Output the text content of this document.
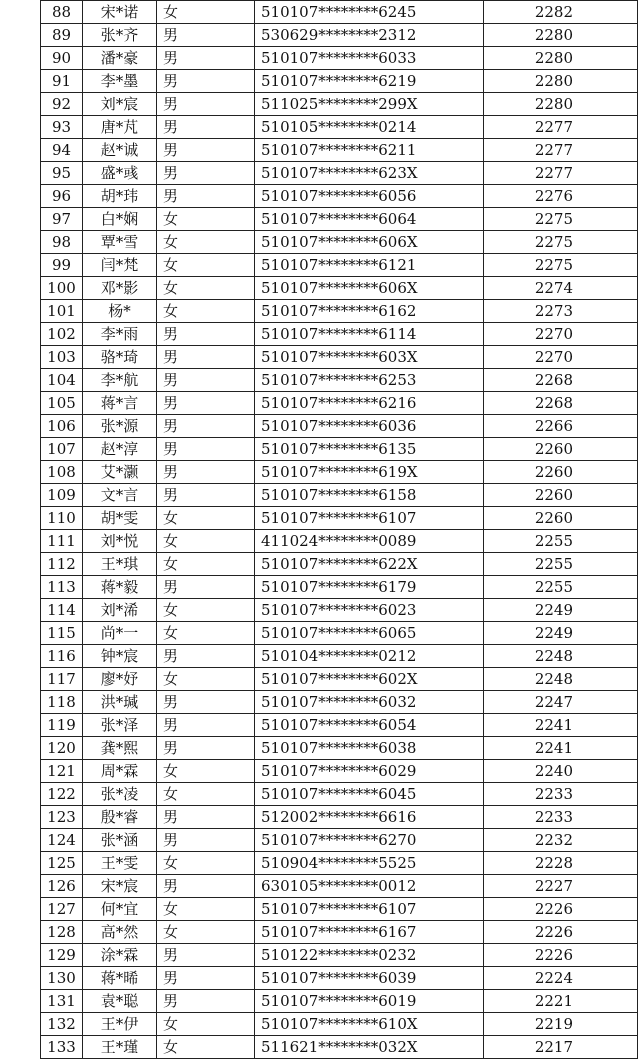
88	宋*诺	女	510107********6245	2282
89	张*齐	男	530629********2312	2280
90	潘*豪	男	510107********6033	2280
91	李*墨	男	510107********6219	2280
92	刘*宸	男	511025********299X	2280
93	唐*芃	男	510105********0214	2277
94	赵*诚	男	510107********6211	2277
95	盛*彧	男	510107********623X	2277
96	胡*玮	男	510107********6056	2276
97	白*娴	女	510107********6064	2275
98	覃*雪	女	510107********606X	2275
99	闫*梵	女	510107********6121	2275
100	邓*影	女	510107********606X	2274
101	杨*	女	510107********6162	2273
102	李*雨	男	510107********6114	2270
103	骆*琦	男	510107********603X	2270
104	李*航	男	510107********6253	2268
105	蒋*言	男	510107********6216	2268
106	张*源	男	510107********6036	2266
107	赵*淳	男	510107********6135	2260
108	艾*灏	男	510107********619X	2260
109	文*言	男	510107********6158	2260
110	胡*雯	女	510107********6107	2260
111	刘*悦	女	411024********0089	2255
112	王*琪	女	510107********622X	2255
113	蒋*毅	男	510107********6179	2255
114	刘*浠	女	510107********6023	2249
115	尚*一	女	510107********6065	2249
116	钟*宸	男	510104********0212	2248
117	廖*妤	女	510107********602X	2248
118	洪*瑊	男	510107********6032	2247
119	张*泽	男	510107********6054	2241
120	龚*熙	男	510107********6038	2241
121	周*霖	女	510107********6029	2240
122	张*凌	女	510107********6045	2233
123	殷*睿	男	512002********6616	2233
124	张*涵	男	510107********6270	2232
125	王*雯	女	510904********5525	2228
126	宋*宸	男	630105********0012	2227
127	何*宜	女	510107********6107	2226
128	高*然	女	510107********6167	2226
129	涂*霖	男	510122********0232	2226
130	蒋*晞	男	510107********6039	2224
131	袁*聪	男	510107********6019	2221
132	王*伊	女	510107********610X	2219
133	王*瑾	女	511621********032X	2217
